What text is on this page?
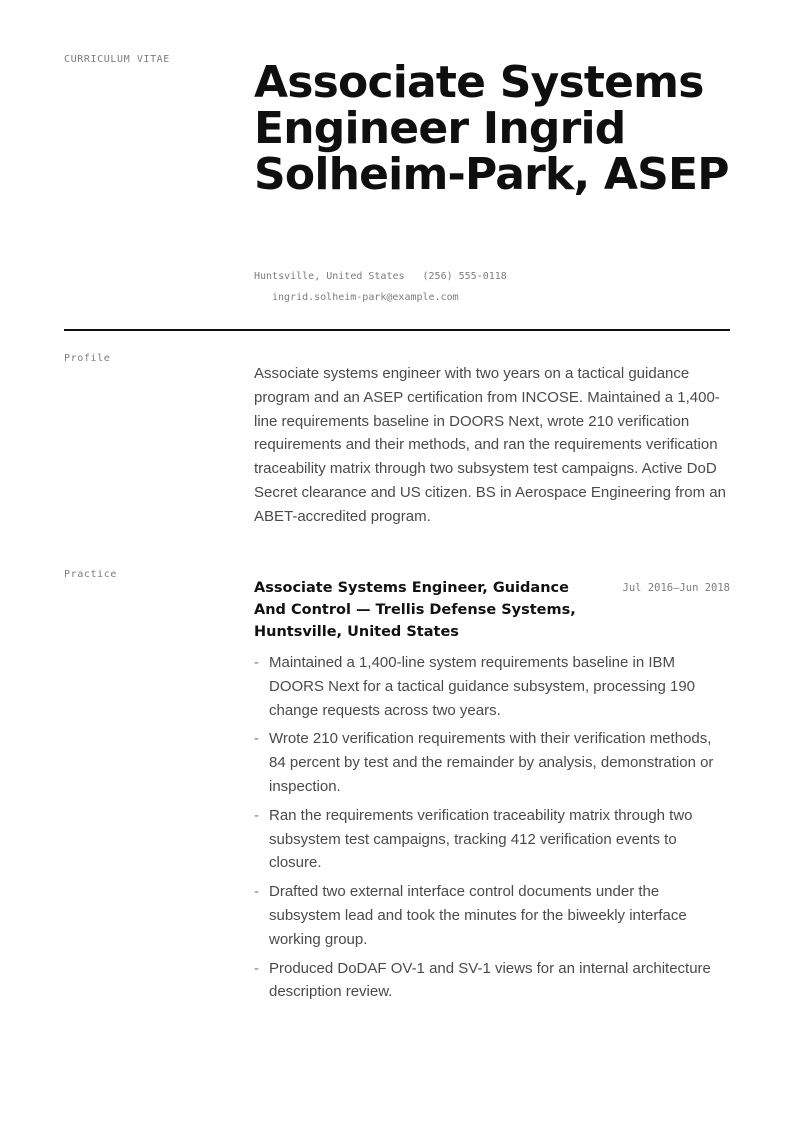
CURRICULUM VITAE	Associate Systems Engineer Ingrid Solheim-Park, ASEP
Huntsville, United States (256) 555-0118
ingrid.solheim-park@example.com
Profile

Associate systems engineer with two years on a tactical guidance program and an ASEP certification from INCOSE. Maintained a 1,400-line requirements baseline in DOORS Next, wrote 210 verification requirements and their methods, and ran the requirements verification traceability matrix through two subsystem test campaigns. Active DoD Secret clearance and US citizen. BS in Aerospace Engineering from an ABET-accredited program.

Practice
Associate Systems Engineer, Guidance And Control — Trellis Defense Systems, Huntsville, United States
Jul 2016–Jun 2018
- Maintained a 1,400-line system requirements baseline in IBM DOORS Next for a tactical guidance subsystem, processing 190 change requests across two years.
- Wrote 210 verification requirements with their verification methods, 84 percent by test and the remainder by analysis, demonstration or inspection.
- Ran the requirements verification traceability matrix through two subsystem test campaigns, tracking 412 verification events to closure.
- Drafted two external interface control documents under the subsystem lead and took the minutes for the biweekly interface working group.
- Produced DoDAF OV-1 and SV-1 views for an internal architecture description review.
